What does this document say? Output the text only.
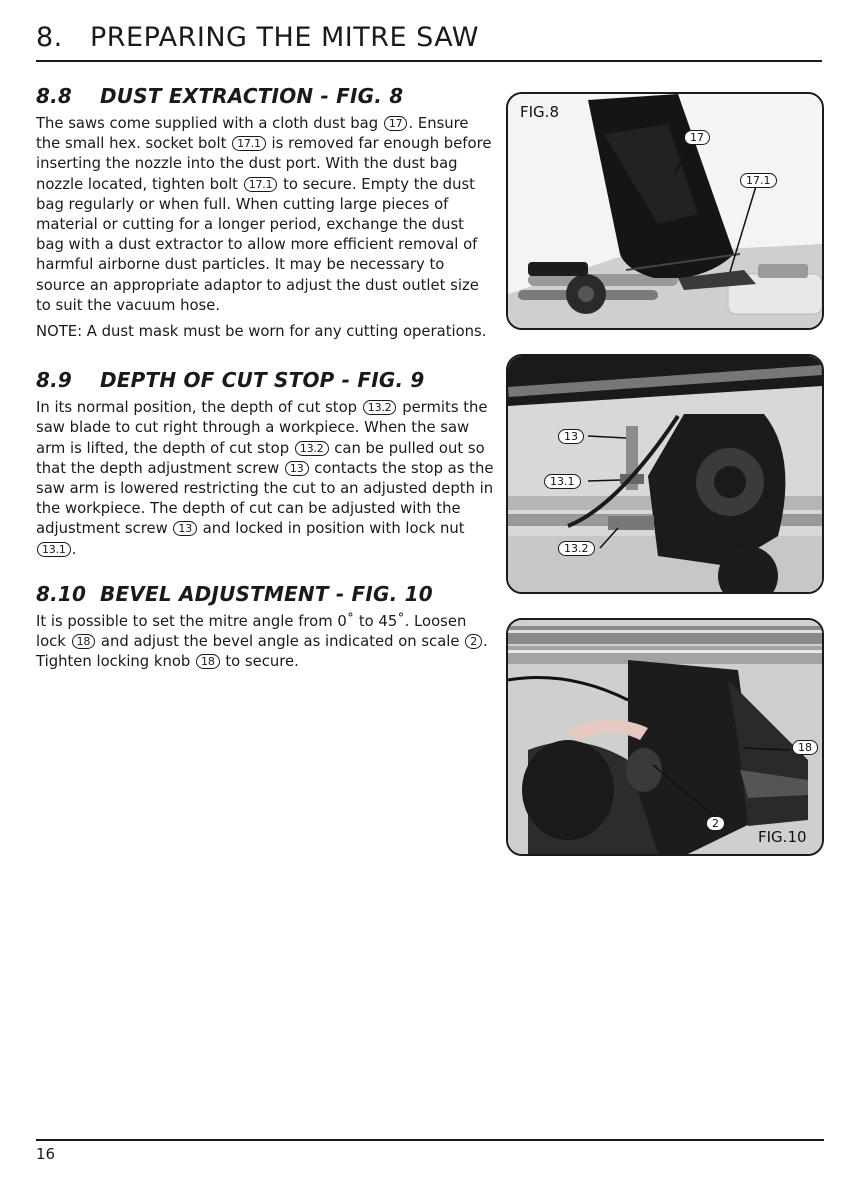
8. PREPARING THE MITRE SAW
8.8 DUST EXTRACTION - FIG. 8

The saws come supplied with a cloth dust bag 17 . Ensure the small hex. socket bolt 17.1 is removed far enough before inserting the nozzle into the dust port. With the dust bag nozzle located, tighten bolt 17.1 to secure. Empty the dust bag regularly or when full. When cutting large pieces of material or cutting for a longer period, exchange the dust bag with a dust extractor to allow more efficient removal of harmful airborne dust particles. It may be necessary to source an appropriate adaptor to adjust the dust outlet size to suit the vacuum hose.

NOTE: A dust mask must be worn for any cutting operations.

8.9 DEPTH OF CUT STOP - FIG. 9

In its normal position, the depth of cut stop 13.2 permits the saw blade to cut right through a workpiece. When the saw arm is lifted, the depth of cut stop 13.2 can be pulled out so that the depth adjustment screw 13 contacts the stop as the saw arm is lowered restricting the cut to an adjusted depth in the workpiece. The depth of cut can be adjusted with the adjustment screw 13 and locked in position with lock nut 13.1 .

8.10 BEVEL ADJUSTMENT - FIG. 10

It is possible to set the mitre angle from 0˚ to 45˚. Loosen lock 18 and adjust the bevel angle as indicated on scale 2 . Tighten locking knob 18 to secure.

FIG.8
17
17.1
FIG.9
13
13.1
13.2
18
2
FIG.10
16
